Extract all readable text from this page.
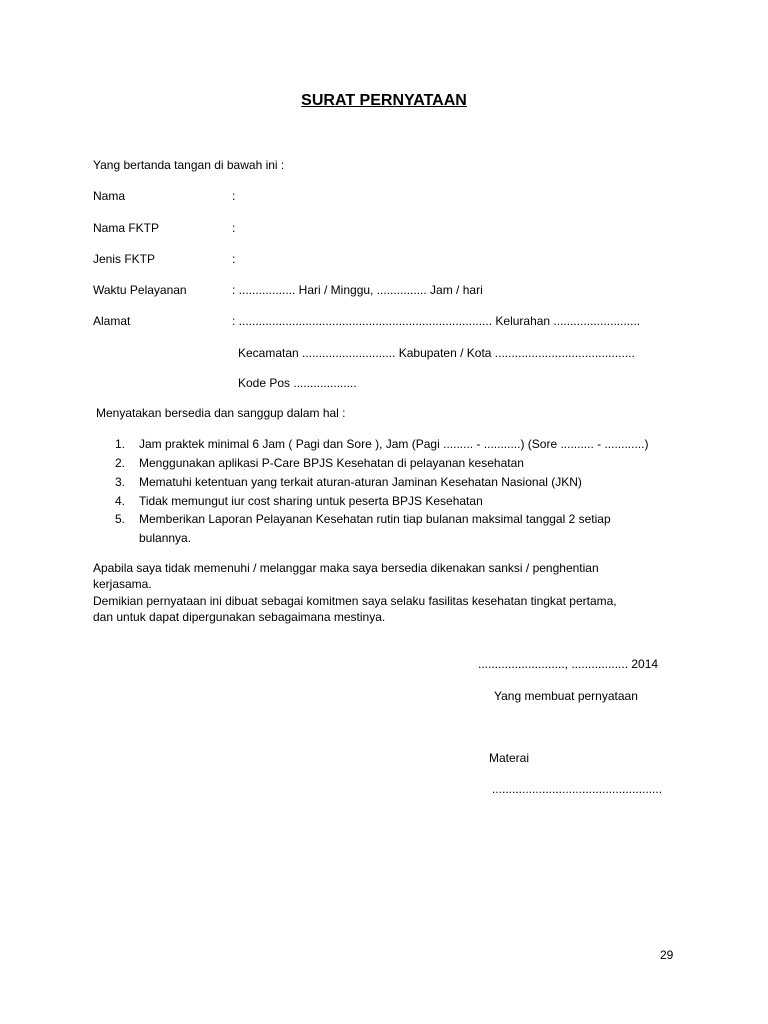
SURAT PERNYATAAN
Yang bertanda tangan di bawah ini :
Nama	:
Nama FKTP	:
Jenis FKTP	:
Waktu Pelayanan	: ................. Hari / Minggu, ............... Jam / hari
Alamat	: ............................................................................ Kelurahan ..........................
Kecamatan ............................ Kabupaten / Kota ..........................................
Kode Pos ...................
Menyatakan bersedia dan sanggup dalam hal :
1. Jam praktek minimal 6 Jam ( Pagi dan Sore ), Jam (Pagi ......... - ...........) (Sore .......... - ............)
2. Menggunakan aplikasi P-Care BPJS Kesehatan di pelayanan kesehatan
3. Mematuhi ketentuan yang terkait aturan-aturan Jaminan Kesehatan Nasional (JKN)
4. Tidak memungut iur cost sharing untuk peserta BPJS Kesehatan
5. Memberikan Laporan Pelayanan Kesehatan rutin tiap bulanan maksimal tanggal 2 setiap
bulannya.
Apabila saya tidak memenuhi / melanggar maka saya bersedia dikenakan sanksi / penghentian
kerjasama.
Demikian pernyataan ini dibuat sebagai komitmen saya selaku fasilitas kesehatan tingkat pertama,
dan untuk dapat dipergunakan sebagaimana mestinya.
.........................., ................. 2014
Yang membuat pernyataan
Materai
...................................................
29
